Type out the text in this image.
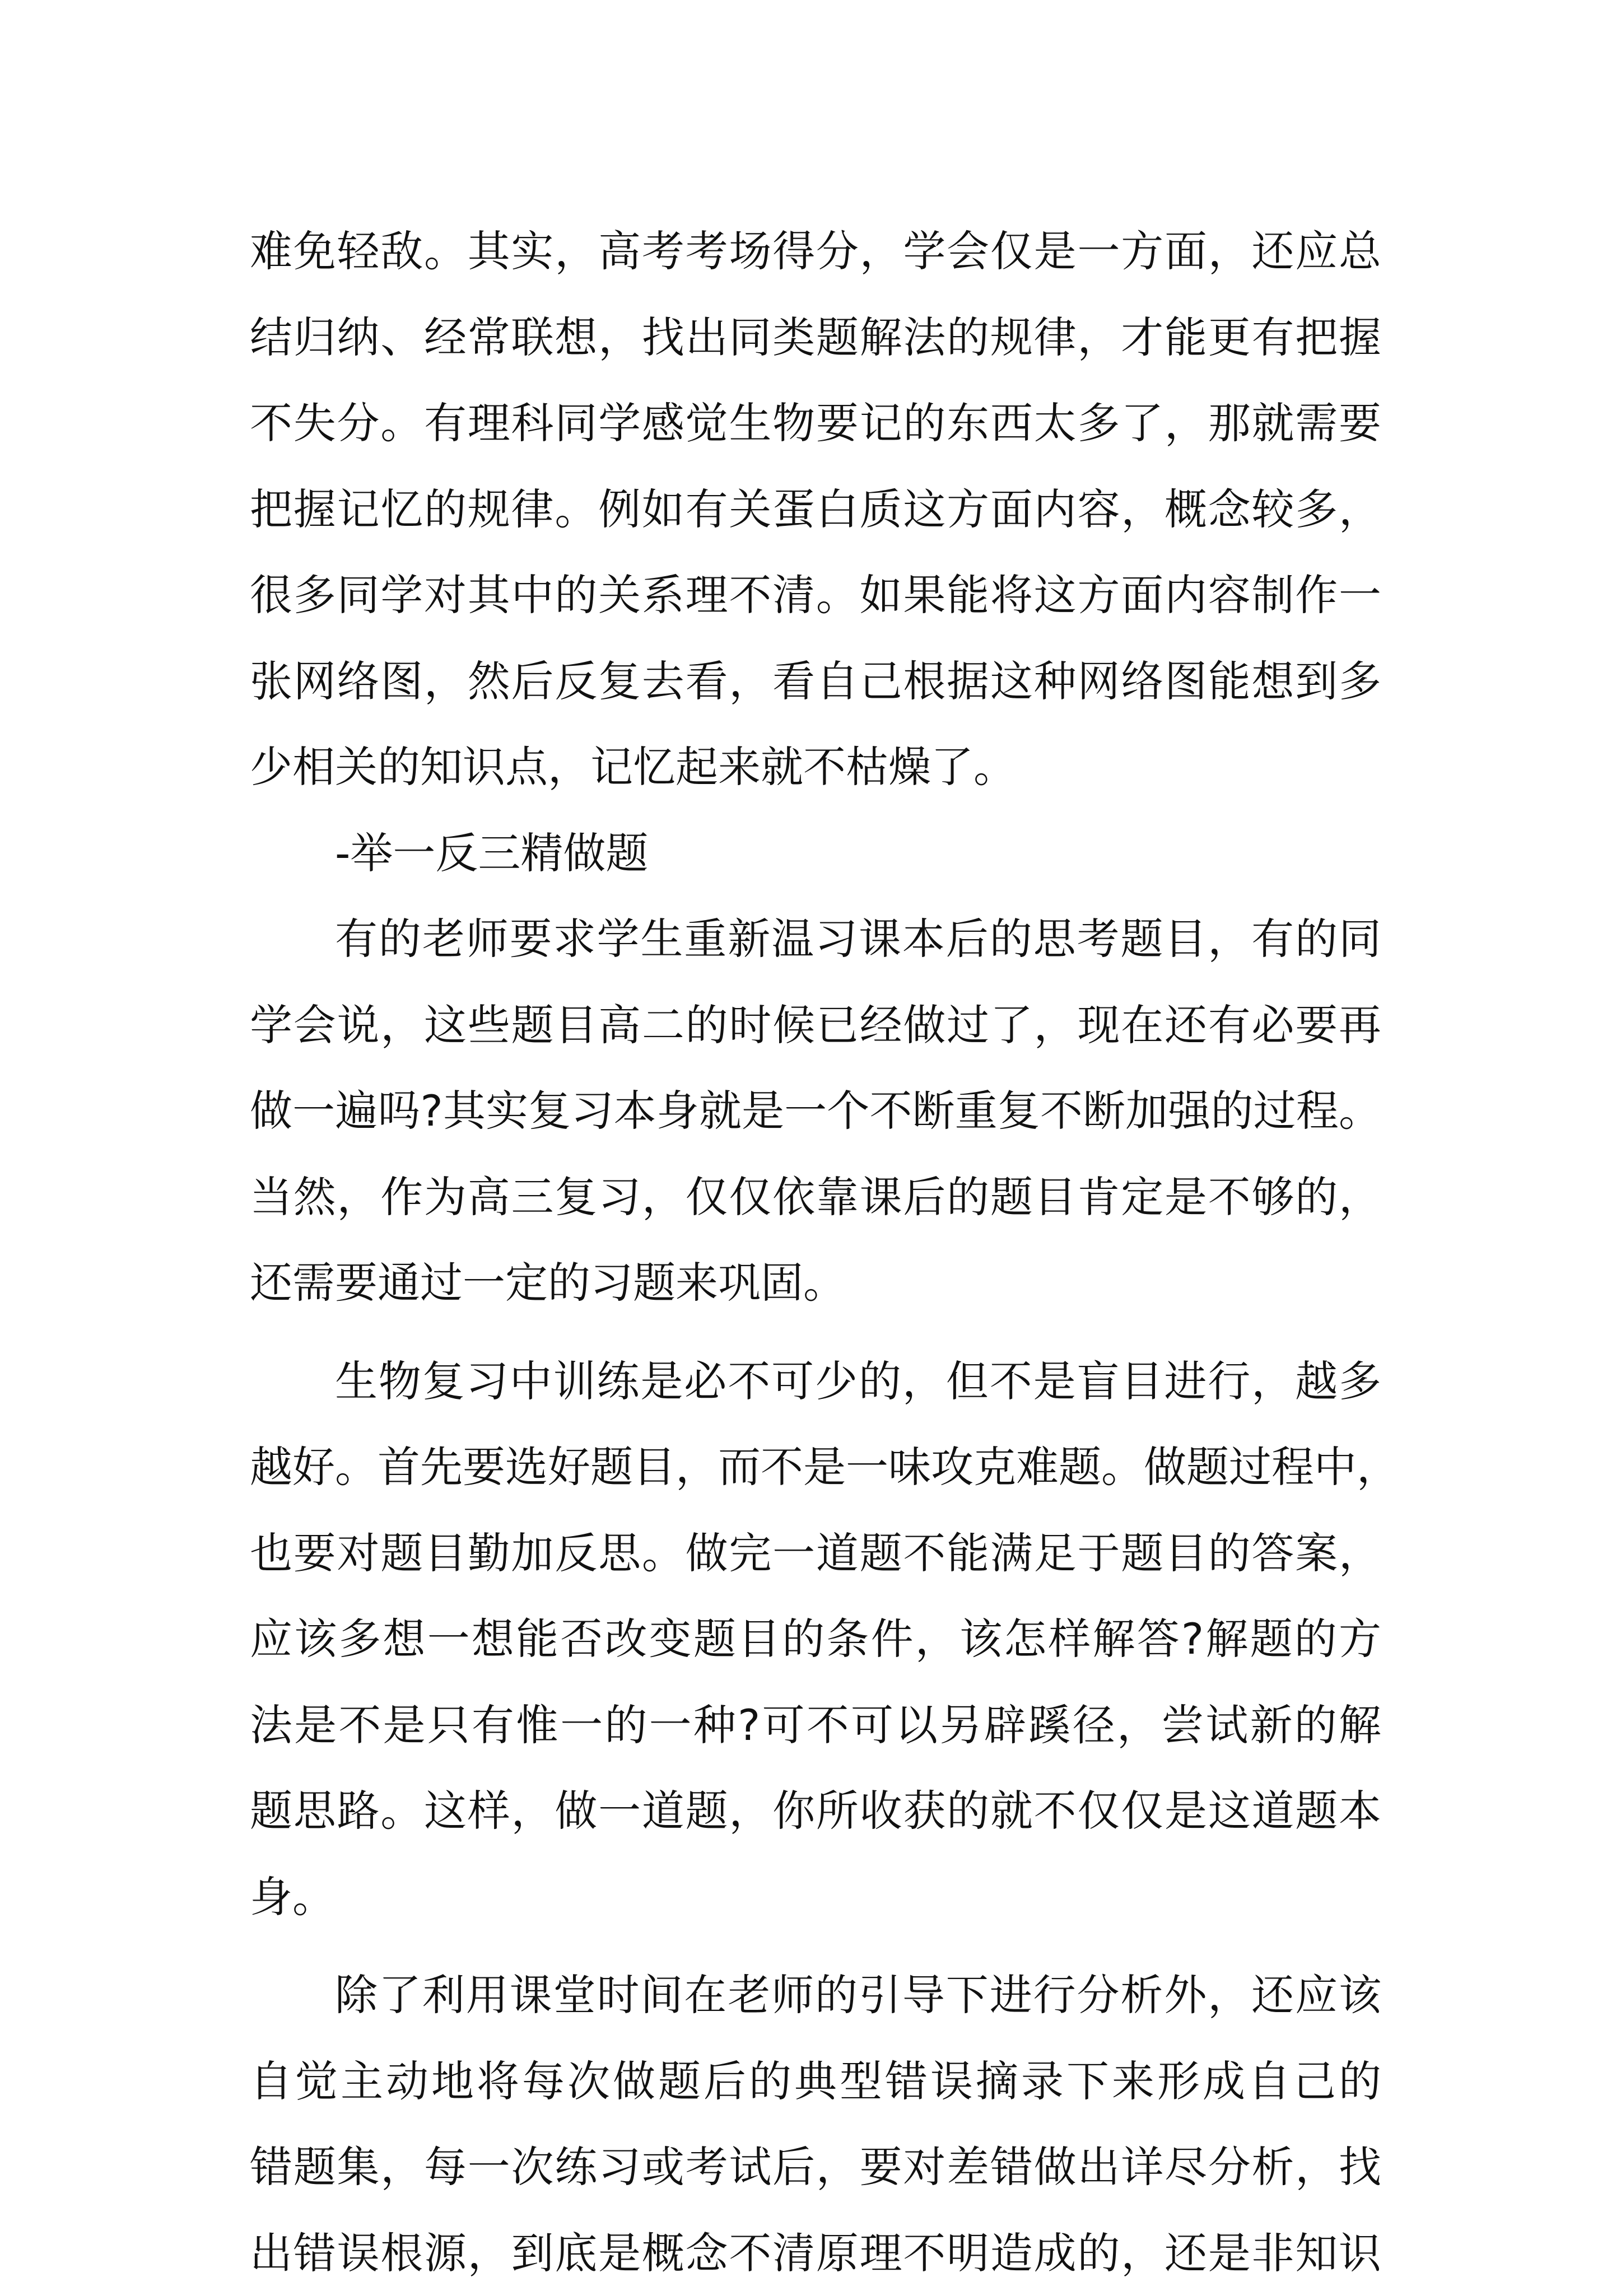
难免轻敌。其实，高考考场得分，学会仅是一方面，还应总
结归纳、经常联想，找出同类题解法的规律，才能更有把握
不失分。有理科同学感觉生物要记的东西太多了，那就需要
把握记忆的规律。例如有关蛋白质这方面内容，概念较多，
很多同学对其中的关系理不清。如果能将这方面内容制作一
张网络图，然后反复去看，看自己根据这种网络图能想到多
少相关的知识点，记忆起来就不枯燥了。
-举一反三精做题
有的老师要求学生重新温习课本后的思考题目，有的同
学会说，这些题目高二的时候已经做过了，现在还有必要再
做一遍吗?其实复习本身就是一个不断重复不断加强的过程。
当然，作为高三复习，仅仅依靠课后的题目肯定是不够的，
还需要通过一定的习题来巩固。
生物复习中训练是必不可少的，但不是盲目进行，越多
越好。首先要选好题目，而不是一味攻克难题。做题过程中，
也要对题目勤加反思。做完一道题不能满足于题目的答案，
应该多想一想能否改变题目的条件，该怎样解答?解题的方
法是不是只有惟一的一种?可不可以另辟蹊径，尝试新的解
题思路。这样，做一道题，你所收获的就不仅仅是这道题本
身。
除了利用课堂时间在老师的引导下进行分析外，还应该
自觉主动地将每次做题后的典型错误摘录下来形成自己的
错题集，每一次练习或考试后，要对差错做出详尽分析，找
出错误根源，到底是概念不清原理不明造成的，还是非知识
